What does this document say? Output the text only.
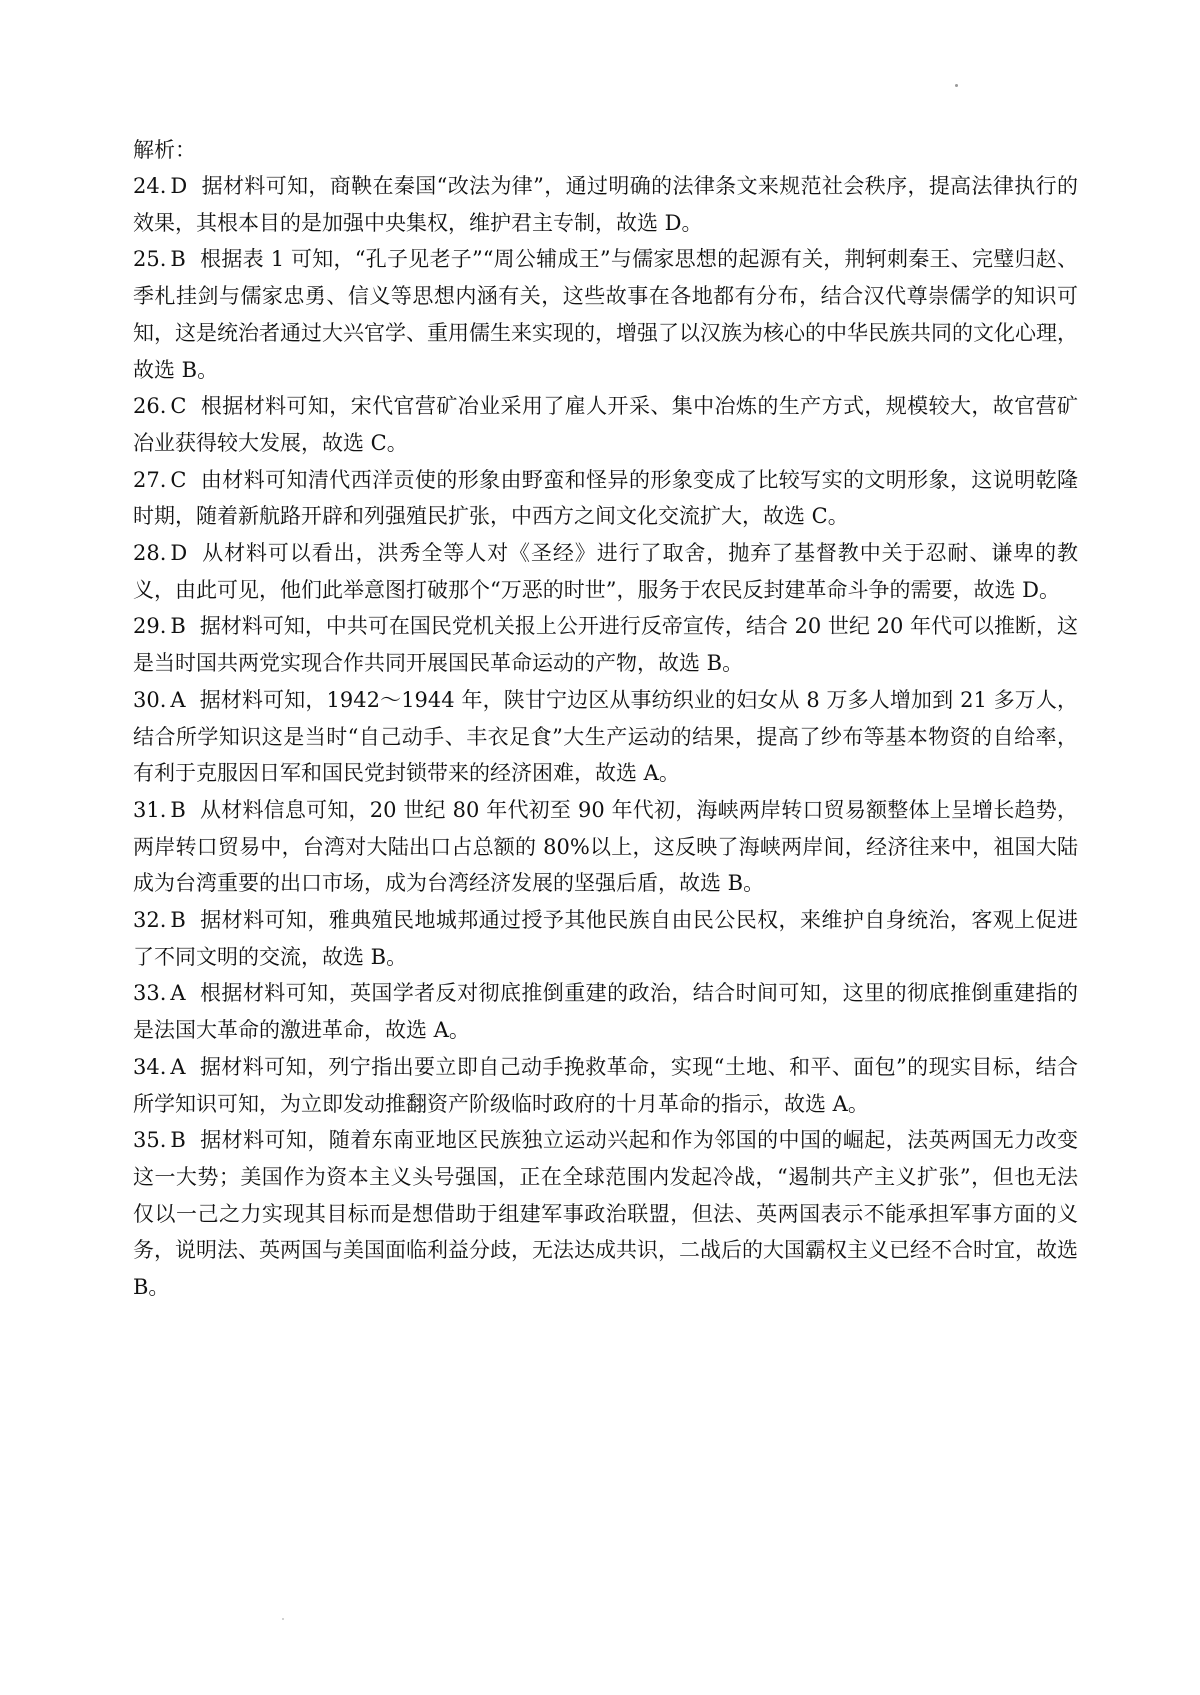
解析：

24. D 据材料可知，商鞅在秦国“改法为律”，通过明确的法律条文来规范社会秩序，提高法律执行的效果，其根本目的是加强中央集权，维护君主专制，故选 D。

25. B 根据表 1 可知，“孔子见老子”“周公辅成王”与儒家思想的起源有关，荆轲刺秦王、完璧归赵、季札挂剑与儒家忠勇、信义等思想内涵有关，这些故事在各地都有分布，结合汉代尊崇儒学的知识可知，这是统治者通过大兴官学、重用儒生来实现的，增强了以汉族为核心的中华民族共同的文化心理，故选 B。

26. C 根据材料可知，宋代官营矿冶业采用了雇人开采、集中冶炼的生产方式，规模较大，故官营矿冶业获得较大发展，故选 C。

27. C 由材料可知清代西洋贡使的形象由野蛮和怪异的形象变成了比较写实的文明形象，这说明乾隆时期，随着新航路开辟和列强殖民扩张，中西方之间文化交流扩大，故选 C。

28. D 从材料可以看出，洪秀全等人对《圣经》进行了取舍，抛弃了基督教中关于忍耐、谦卑的教义，由此可见，他们此举意图打破那个“万恶的时世”，服务于农民反封建革命斗争的需要，故选 D。

29. B 据材料可知，中共可在国民党机关报上公开进行反帝宣传，结合 20 世纪 20 年代可以推断，这是当时国共两党实现合作共同开展国民革命运动的产物，故选 B。

30. A 据材料可知，1942～1944 年，陕甘宁边区从事纺织业的妇女从 8 万多人增加到 21 多万人，结合所学知识这是当时“自己动手、丰衣足食”大生产运动的结果，提高了纱布等基本物资的自给率，有利于克服因日军和国民党封锁带来的经济困难，故选 A。

31. B 从材料信息可知，20 世纪 80 年代初至 90 年代初，海峡两岸转口贸易额整体上呈增长趋势，两岸转口贸易中，台湾对大陆出口占总额的 80%以上，这反映了海峡两岸间，经济往来中，祖国大陆成为台湾重要的出口市场，成为台湾经济发展的坚强后盾，故选 B。

32. B 据材料可知，雅典殖民地城邦通过授予其他民族自由民公民权，来维护自身统治，客观上促进了不同文明的交流，故选 B。

33. A 根据材料可知，英国学者反对彻底推倒重建的政治，结合时间可知，这里的彻底推倒重建指的是法国大革命的激进革命，故选 A。

34. A 据材料可知，列宁指出要立即自己动手挽救革命，实现“土地、和平、面包”的现实目标，结合所学知识可知，为立即发动推翻资产阶级临时政府的十月革命的指示，故选 A。

35. B 据材料可知，随着东南亚地区民族独立运动兴起和作为邻国的中国的崛起，法英两国无力改变这一大势；美国作为资本主义头号强国，正在全球范围内发起冷战，“遏制共产主义扩张”，但也无法仅以一己之力实现其目标而是想借助于组建军事政治联盟，但法、英两国表示不能承担军事方面的义务，说明法、英两国与美国面临利益分歧，无法达成共识，二战后的大国霸权主义已经不合时宜，故选 B。
